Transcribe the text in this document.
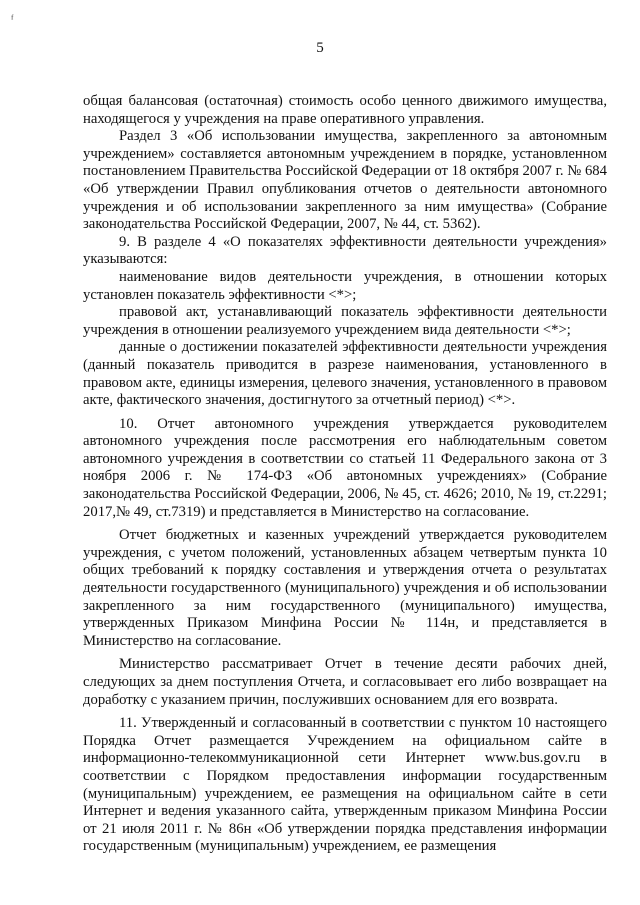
ᶠ
5

общая балансовая (остаточная) стоимость особо ценного движимого имущества, находящегося у учреждения на праве оперативного управления.

Раздел 3 «Об использовании имущества, закрепленного за автономным учреждением» составляется автономным учреждением в порядке, установленном постановлением Правительства Российской Федерации от 18 октября 2007 г. № 684 «Об утверждении Правил опубликования отчетов о деятельности автономного учреждения и об использовании закрепленного за ним имущества» (Собрание законодательства Российской Федерации, 2007, № 44, ст. 5362).

9. В разделе 4 «О показателях эффективности деятельности учреждения» указываются:

наименование видов деятельности учреждения, в отношении которых установлен показатель эффективности <*>;

правовой акт, устанавливающий показатель эффективности деятельности учреждения в отношении реализуемого учреждением вида деятельности <*>;

данные о достижении показателей эффективности деятельности учреждения (данный показатель приводится в разрезе наименования, установленного в правовом акте, единицы измерения, целевого значения, установленного в правовом акте, фактического значения, достигнутого за отчетный период) <*>.

10. Отчет автономного учреждения утверждается руководителем автономного учреждения после рассмотрения его наблюдательным советом автономного учреждения в соответствии со статьей 11 Федерального закона от 3 ноября 2006 г. № 174-ФЗ «Об автономных учреждениях» (Собрание законодательства Российской Федерации, 2006, № 45, ст. 4626; 2010, № 19, ст.2291; 2017,№ 49, ст.7319) и представляется в Министерство на согласование.

Отчет бюджетных и казенных учреждений утверждается руководителем учреждения, с учетом положений, установленных абзацем четвертым пункта 10 общих требований к порядку составления и утверждения отчета о результатах деятельности государственного (муниципального) учреждения и об использовании закрепленного за ним государственного (муниципального) имущества, утвержденных Приказом Минфина России № 114н, и представляется в Министерство на согласование.

Министерство рассматривает Отчет в течение десяти рабочих дней, следующих за днем поступления Отчета, и согласовывает его либо возвращает на доработку с указанием причин, послуживших основанием для его возврата.

11. Утвержденный и согласованный в соответствии с пунктом 10 настоящего Порядка Отчет размещается Учреждением на официальном сайте в информационно-телекоммуникационной сети Интернет www.bus.gov.ru в соответствии с Порядком предоставления информации государственным (муниципальным) учреждением, ее размещения на официальном сайте в сети Интернет и ведения указанного сайта, утвержденным приказом Минфина России от 21 июля 2011 г. № 86н «Об утверждении порядка представления информации государственным (муниципальным) учреждением, ее размещения
